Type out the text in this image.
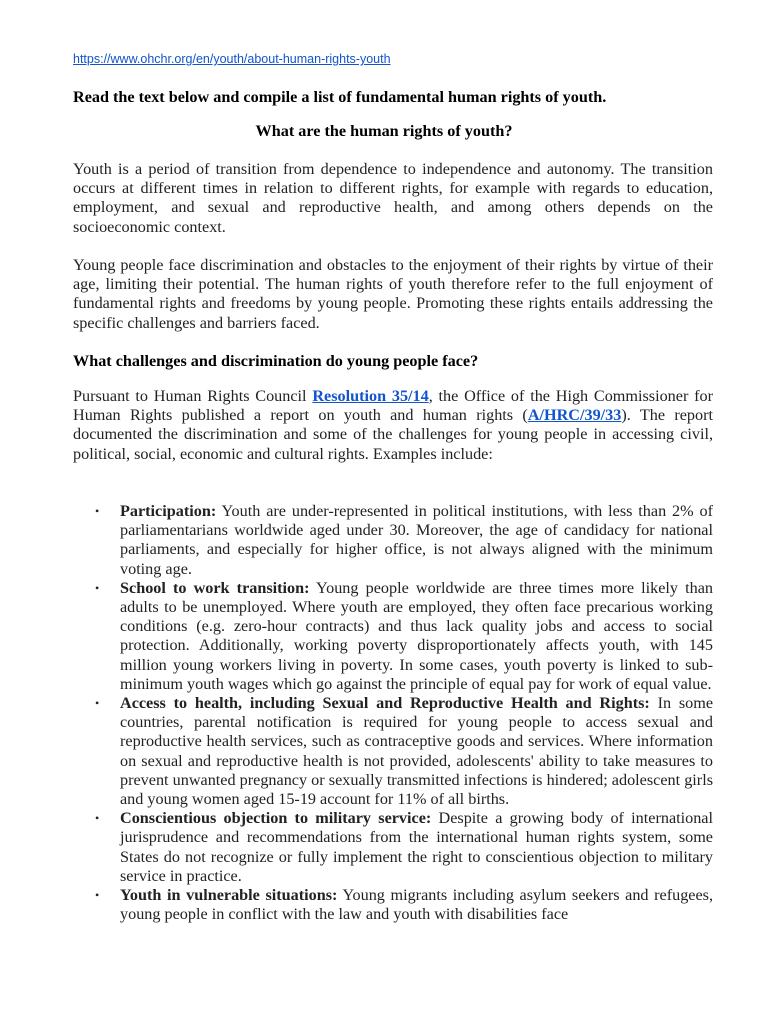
https://www.ohchr.org/en/youth/about-human-rights-youth
Read the text below and compile a list of fundamental human rights of youth.
What are the human rights of youth?

Youth is a period of transition from dependence to independence and autonomy. The transition occurs at different times in relation to different rights, for example with regards to education, employment, and sexual and reproductive health, and among others depends on the socioeconomic context.

Young people face discrimination and obstacles to the enjoyment of their rights by virtue of their age, limiting their potential. The human rights of youth therefore refer to the full enjoyment of fundamental rights and freedoms by young people. Promoting these rights entails addressing the specific challenges and barriers faced.

What challenges and discrimination do young people face?

Pursuant to Human Rights Council Resolution 35/14, the Office of the High Commissioner for Human Rights published a report on youth and human rights (A/HRC/39/33). The report documented the discrimination and some of the challenges for young people in accessing civil, political, social, economic and cultural rights. Examples include:

• Participation: Youth are under-represented in political institutions, with less than 2% of parliamentarians worldwide aged under 30. Moreover, the age of candidacy for national parliaments, and especially for higher office, is not always aligned with the minimum voting age.
• School to work transition: Young people worldwide are three times more likely than adults to be unemployed. Where youth are employed, they often face precarious working conditions (e.g. zero-hour contracts) and thus lack quality jobs and access to social protection. Additionally, working poverty disproportionately affects youth, with 145 million young workers living in poverty. In some cases, youth poverty is linked to sub-minimum youth wages which go against the principle of equal pay for work of equal value.
• Access to health, including Sexual and Reproductive Health and Rights: In some countries, parental notification is required for young people to access sexual and reproductive health services, such as contraceptive goods and services. Where information on sexual and reproductive health is not provided, adolescents' ability to take measures to prevent unwanted pregnancy or sexually transmitted infections is hindered; adolescent girls and young women aged 15-19 account for 11% of all births.
• Conscientious objection to military service: Despite a growing body of international jurisprudence and recommendations from the international human rights system, some States do not recognize or fully implement the right to conscientious objection to military service in practice.
• Youth in vulnerable situations: Young migrants including asylum seekers and refugees, young people in conflict with the law and youth with disabilities face
